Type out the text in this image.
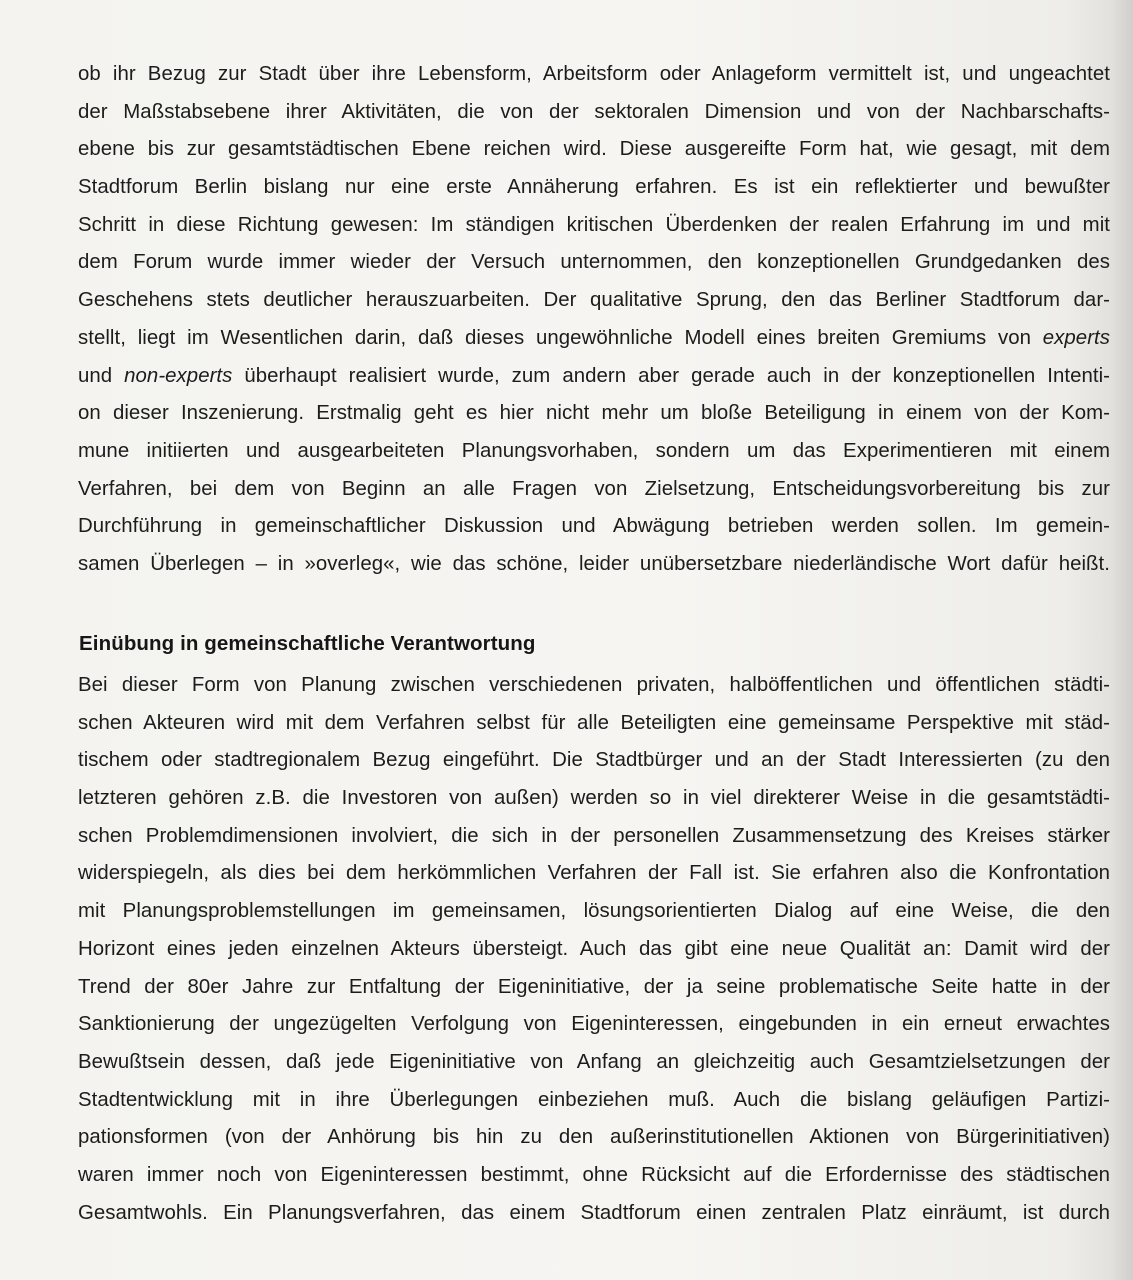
ob ihr Bezug zur Stadt über ihre Lebensform, Arbeitsform oder Anlageform vermittelt ist, und ungeachtet
der Maßstabsebene ihrer Aktivitäten, die von der sektoralen Dimension und von der Nachbarschafts-
ebene bis zur gesamtstädtischen Ebene reichen wird. Diese ausgereifte Form hat, wie gesagt, mit dem
Stadtforum Berlin bislang nur eine erste Annäherung erfahren. Es ist ein reflektierter und bewußter
Schritt in diese Richtung gewesen: Im ständigen kritischen Überdenken der realen Erfahrung im und mit
dem Forum wurde immer wieder der Versuch unternommen, den konzeptionellen Grundgedanken des
Geschehens stets deutlicher herauszuarbeiten. Der qualitative Sprung, den das Berliner Stadtforum dar-
stellt, liegt im Wesentlichen darin, daß dieses ungewöhnliche Modell eines breiten Gremiums von experts
und non-experts überhaupt realisiert wurde, zum andern aber gerade auch in der konzeptionellen Intenti-
on dieser Inszenierung. Erstmalig geht es hier nicht mehr um bloße Beteiligung in einem von der Kom-
mune initiierten und ausgearbeiteten Planungsvorhaben, sondern um das Experimentieren mit einem
Verfahren, bei dem von Beginn an alle Fragen von Zielsetzung, Entscheidungsvorbereitung bis zur
Durchführung in gemeinschaftlicher Diskussion und Abwägung betrieben werden sollen. Im gemein-
samen Überlegen – in »overleg«, wie das schöne, leider unübersetzbare niederländische Wort dafür heißt.
Einübung in gemeinschaftliche Verantwortung
Bei dieser Form von Planung zwischen verschiedenen privaten, halböffentlichen und öffentlichen städti-
schen Akteuren wird mit dem Verfahren selbst für alle Beteiligten eine gemeinsame Perspektive mit städ-
tischem oder stadtregionalem Bezug eingeführt. Die Stadtbürger und an der Stadt Interessierten (zu den
letzteren gehören z.B. die Investoren von außen) werden so in viel direkterer Weise in die gesamtstädti-
schen Problemdimensionen involviert, die sich in der personellen Zusammensetzung des Kreises stärker
widerspiegeln, als dies bei dem herkömmlichen Verfahren der Fall ist. Sie erfahren also die Konfrontation
mit Planungsproblemstellungen im gemeinsamen, lösungsorientierten Dialog auf eine Weise, die den
Horizont eines jeden einzelnen Akteurs übersteigt. Auch das gibt eine neue Qualität an: Damit wird der
Trend der 80er Jahre zur Entfaltung der Eigeninitiative, der ja seine problematische Seite hatte in der
Sanktionierung der ungezügelten Verfolgung von Eigeninteressen, eingebunden in ein erneut erwachtes
Bewußtsein dessen, daß jede Eigeninitiative von Anfang an gleichzeitig auch Gesamtzielsetzungen der
Stadtentwicklung mit in ihre Überlegungen einbeziehen muß. Auch die bislang geläufigen Partizi-
pationsformen (von der Anhörung bis hin zu den außerinstitutionellen Aktionen von Bürgerinitiativen)
waren immer noch von Eigeninteressen bestimmt, ohne Rücksicht auf die Erfordernisse des städtischen
Gesamtwohls. Ein Planungsverfahren, das einem Stadtforum einen zentralen Platz einräumt, ist durch
